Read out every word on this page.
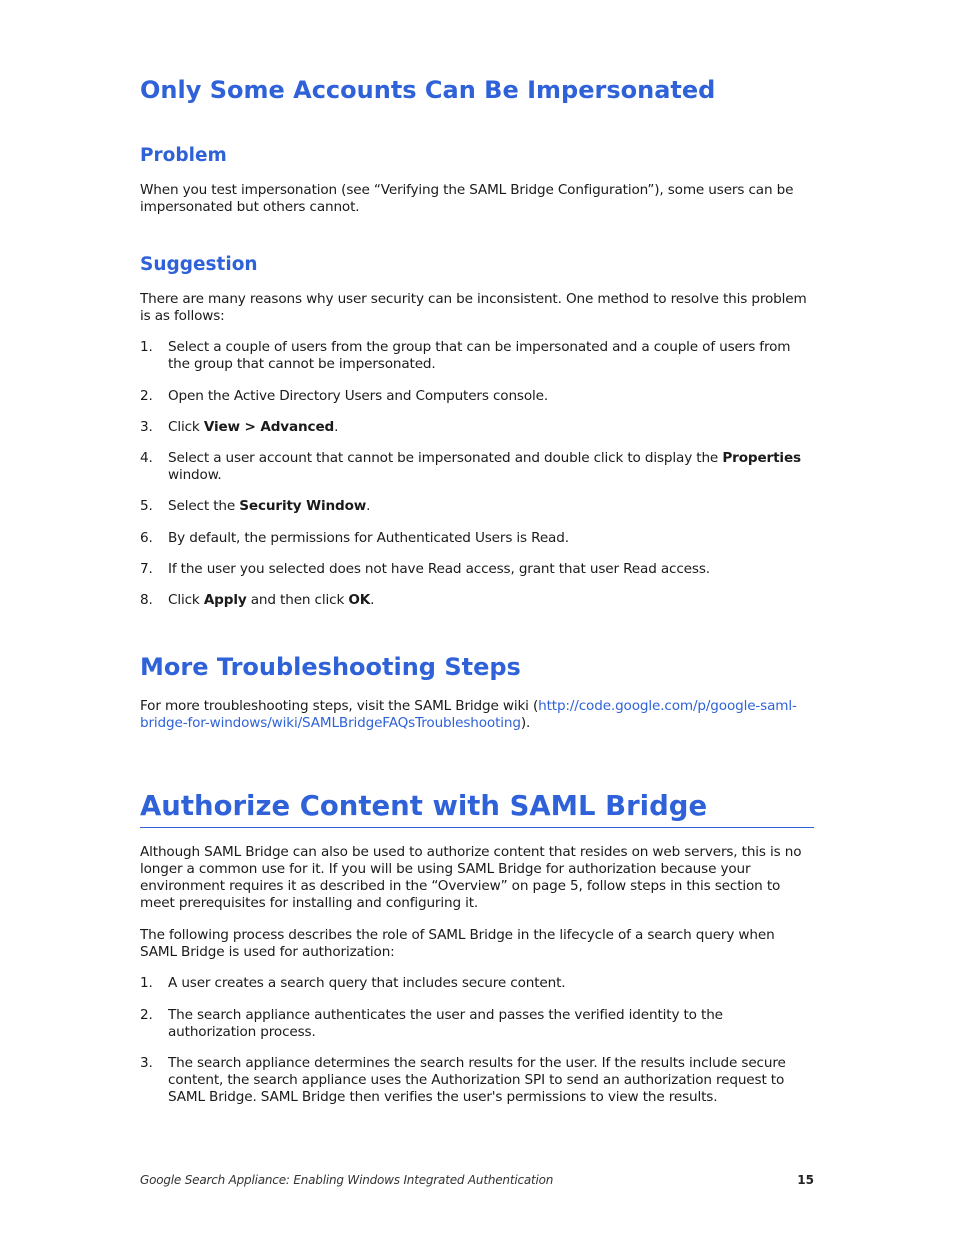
Only Some Accounts Can Be Impersonated
Problem

When you test impersonation (see “Verifying the SAML Bridge Configuration”), some users can be impersonated but others cannot.

Suggestion

There are many reasons why user security can be inconsistent. One method to resolve this problem is as follows:

1.	Select a couple of users from the group that can be impersonated and a couple of users from the group that cannot be impersonated.
2.	Open the Active Directory Users and Computers console.
3.	Click View > Advanced.
4.	Select a user account that cannot be impersonated and double click to display the Properties window.
5.	Select the Security Window.
6.	By default, the permissions for Authenticated Users is Read.
7.	If the user you selected does not have Read access, grant that user Read access.
8.	Click Apply and then click OK.
More Troubleshooting Steps

For more troubleshooting steps, visit the SAML Bridge wiki (http://code.google.com/p/google-saml-bridge-for-windows/wiki/SAMLBridgeFAQsTroubleshooting).

Authorize Content with SAML Bridge

Although SAML Bridge can also be used to authorize content that resides on web servers, this is no longer a common use for it. If you will be using SAML Bridge for authorization because your environment requires it as described in the “Overview” on page 5, follow steps in this section to meet prerequisites for installing and configuring it.

The following process describes the role of SAML Bridge in the lifecycle of a search query when SAML Bridge is used for authorization:

1.	A user creates a search query that includes secure content.
2.	The search appliance authenticates the user and passes the verified identity to the authorization process.
3.	The search appliance determines the search results for the user. If the results include secure content, the search appliance uses the Authorization SPI to send an authorization request to SAML Bridge. SAML Bridge then verifies the user's permissions to view the results.
Google Search Appliance: Enabling Windows Integrated Authentication	15
